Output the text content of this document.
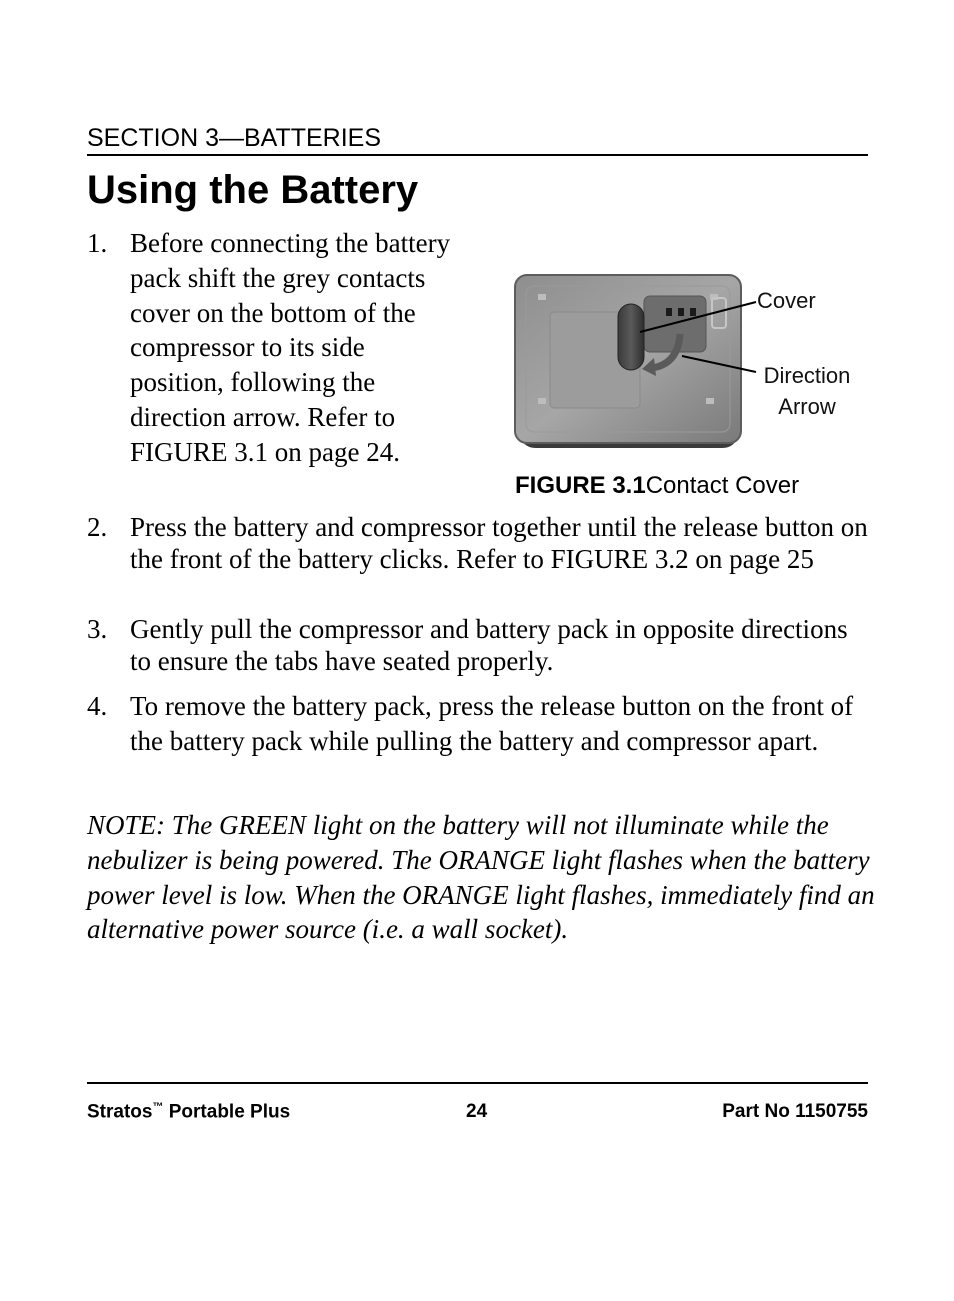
SECTION 3—BATTERIES
Using the Battery
1. Before connecting the battery pack shift the grey contacts cover on the bottom of the compressor to its side position, following the direction arrow. Refer to FIGURE 3.1 on page 24.
Cover
Direction
Arrow
FIGURE 3.1Contact Cover
2. Press the battery and compressor together until the release button on the front of the battery clicks. Refer to FIGURE 3.2 on page 25
3. Gently pull the compressor and battery pack in opposite directions to ensure the tabs have seated properly.
4. To remove the battery pack, press the release button on the front of the battery pack while pulling the battery and compressor apart.
NOTE: The GREEN light on the battery will not illuminate while the nebulizer is being powered. The ORANGE light flashes when the battery power level is low. When the ORANGE light flashes, immediately find an alternative power source (i.e. a wall socket).
Stratos™ Portable Plus	24	Part No 1150755
